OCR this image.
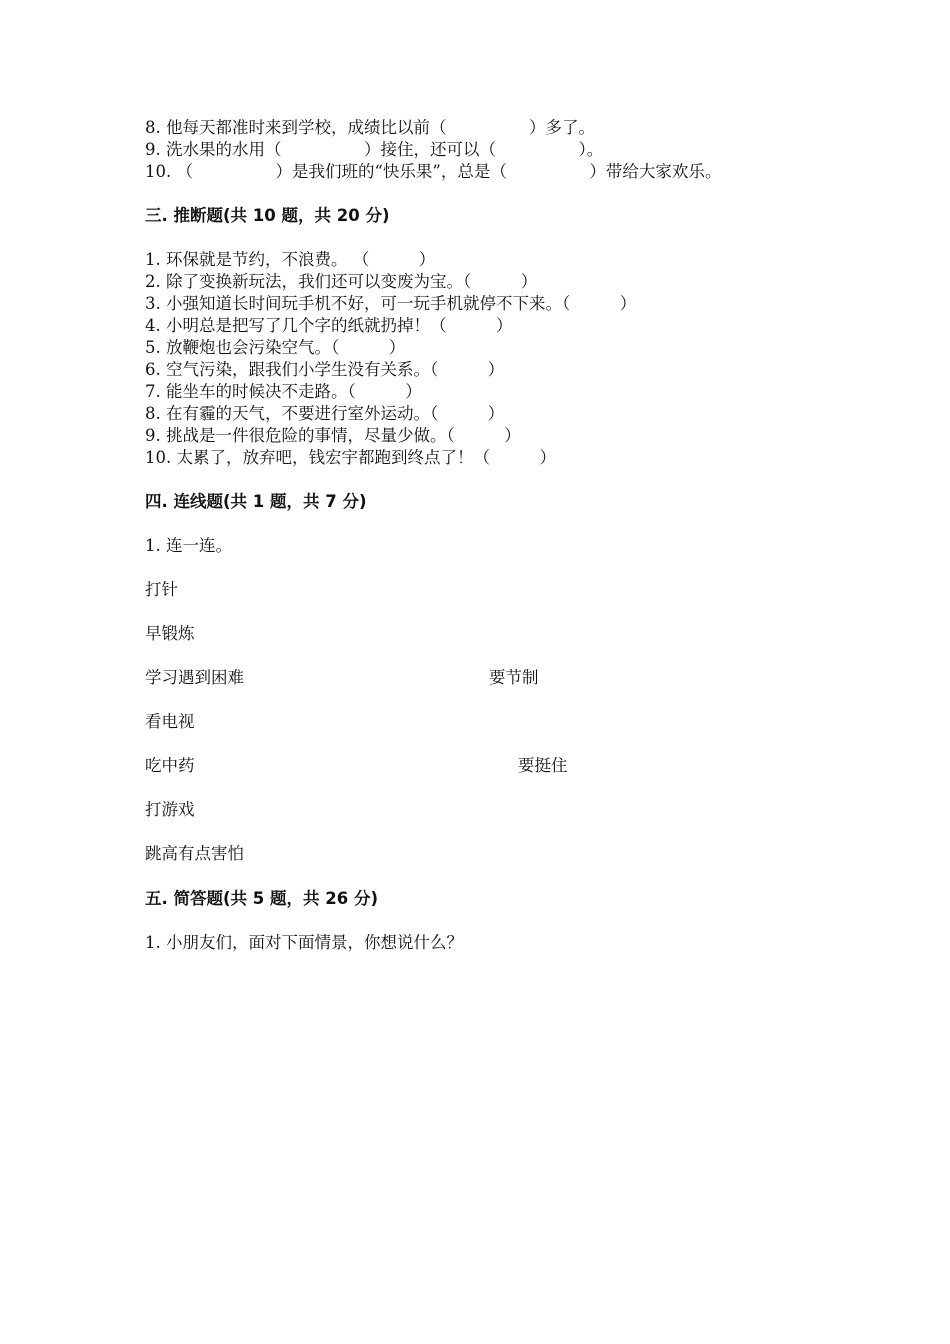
8. 他每天都准时来到学校，成绩比以前（　　　　　）多了。
9. 洗水果的水用（　　　　　）接住，还可以（　　　　　）。
10. （　　　　　）是我们班的“快乐果”，总是（　　　　　）带给大家欢乐。
三. 推断题(共 10 题，共 20 分)
1. 环保就是节约，不浪费。 （　　　）
2. 除了变换新玩法，我们还可以变废为宝。（　　　）
3. 小强知道长时间玩手机不好，可一玩手机就停不下来。（　　　）
4. 小明总是把写了几个字的纸就扔掉！（　　　）
5. 放鞭炮也会污染空气。（　　　）
6. 空气污染，跟我们小学生没有关系。（　　　）
7. 能坐车的时候决不走路。（　　　）
8. 在有霾的天气，不要进行室外运动。（　　　）
9. 挑战是一件很危险的事情，尽量少做。（　　　）
10. 太累了，放弃吧，钱宏宇都跑到终点了！（　　　）
四. 连线题(共 1 题，共 7 分)
1. 连一连。
打针
早锻炼
学习遇到困难
看电视
吃中药
打游戏
跳高有点害怕
要节制
要挺住
五. 简答题(共 5 题，共 26 分)
1. 小朋友们，面对下面情景，你想说什么？
